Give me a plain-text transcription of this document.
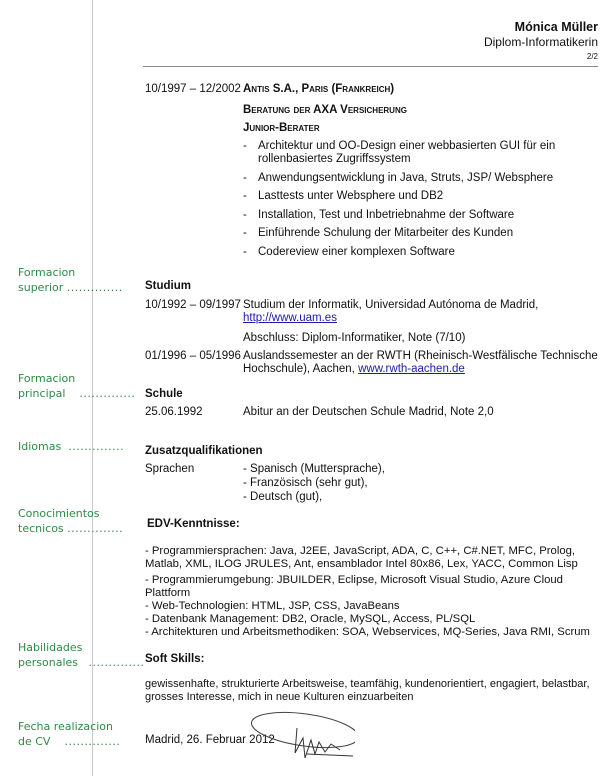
Mónica Müller
Diplom-Informatikerin
2/2
10/1997 – 12/2002 Antis S.A., Paris (Frankreich)
Beratung der AXA Versicherung
Junior-Berater
- Architektur und OO-Design einer webbasierten GUI für ein rollenbasiertes Zugriffssystem
- Anwendungsentwicklung in Java, Struts, JSP/ Websphere
- Lasttests unter Websphere und DB2
- Installation, Test und Inbetriebnahme der Software
- Einführende Schulung der Mitarbeiter des Kunden
- Codereview einer komplexen Software
Formacion
superior ..............
Formacion
principal ..............
Idiomas ..............
Conocimientos
tecnicos ..............
Habilidades
personales ..............
Fecha realizacion
de CV ..............
Studium
10/1992 – 09/1997 Studium der Informatik, Universidad Autónoma de Madrid,
http://www.uam.es
Abschluss: Diplom-Informatiker, Note (7/10)
01/1996 – 05/1996 Auslandssemester an der RWTH (Rheinisch-Westfälische Technische
Hochschule), Aachen, www.rwth-aachen.de
Schule
25.06.1992	Abitur an der Deutschen Schule Madrid, Note 2,0
Zusatzqualifikationen
Sprachen	- Spanisch (Muttersprache),
- Französisch (sehr gut),
- Deutsch (gut),
EDV-Kenntnisse:
- Programmiersprachen: Java, J2EE, JavaScript, ADA, C, C++, C#.NET, MFC, Prolog, Matlab, XML, ILOG JRULES, Ant, ensamblador Intel 80x86, Lex, YACC, Common Lisp
- Programmierumgebung: JBUILDER, Eclipse, Microsoft Visual Studio, Azure Cloud Plattform
- Web-Technologien: HTML, JSP, CSS, JavaBeans
- Datenbank Management: DB2, Oracle, MySQL, Access, PL/SQL
- Architekturen und Arbeitsmethodiken: SOA, Webservices, MQ-Series, Java RMI, Scrum
Soft Skills:
gewissenhafte, strukturierte Arbeitsweise, teamfähig, kundenorientiert, engagiert, belastbar, grosses Interesse, mich in neue Kulturen einzuarbeiten
Madrid, 26. Februar 2012
